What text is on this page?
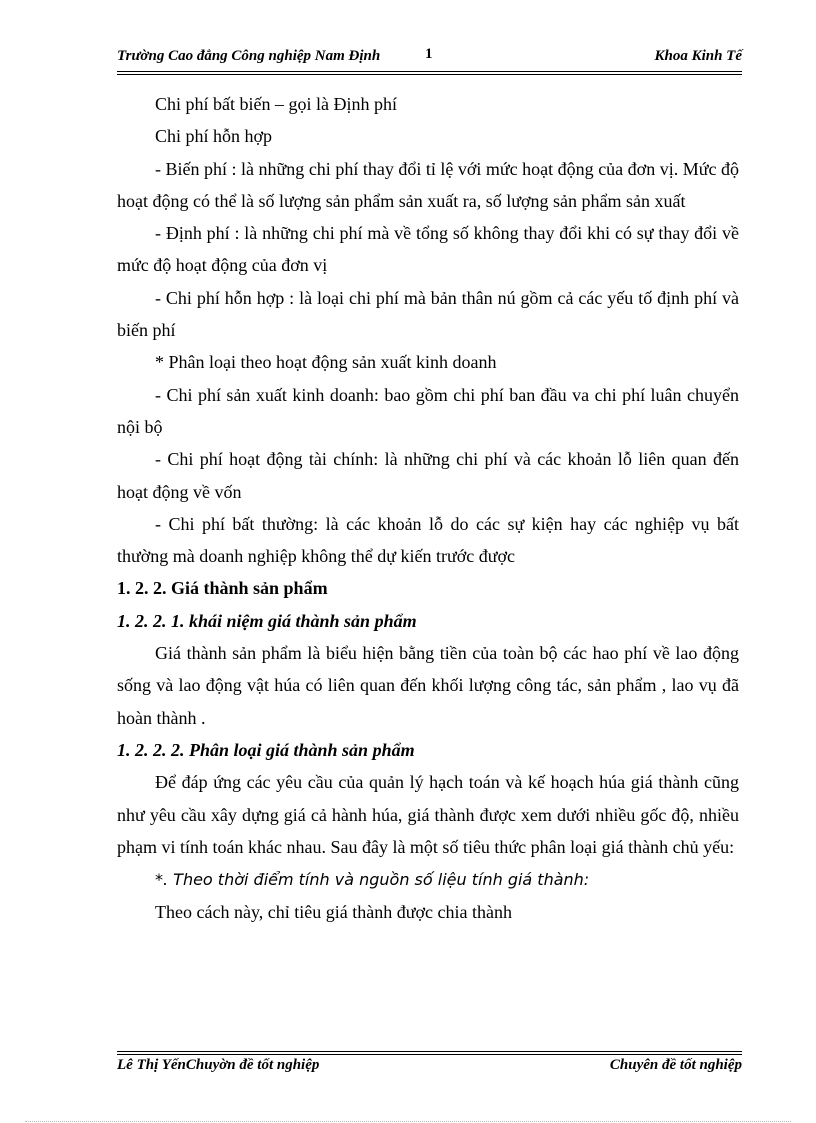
Trường Cao đẳng Công nghiệp Nam Định	1	Khoa Kinh Tế

Chi phí bất biến – gọi là Định phí

Chi phí hỗn hợp

- Biến phí : là những chi phí thay đổi tỉ lệ với mức hoạt động của đơn vị. Mức độ hoạt động có thể là số lượng sản phẩm sản xuất ra, số lượng sản phẩm sản xuất

- Định phí : là những chi phí mà về tổng số không thay đổi khi có sự thay đổi về mức độ hoạt động của đơn vị

- Chi phí hỗn hợp : là loại chi phí mà bản thân nú gồm cả các yếu tố định phí và biến phí

* Phân loại theo hoạt động sản xuất kinh doanh

- Chi phí sản xuất kinh doanh: bao gồm chi phí ban đầu va chi phí luân chuyển nội bộ

- Chi phí hoạt động tài chính: là những chi phí và các khoản lỗ liên quan đến hoạt động về vốn

- Chi phí bất thường: là các khoản lỗ do các sự kiện hay các nghiệp vụ bất thường mà doanh nghiệp không thể dự kiến trước được

1. 2. 2. Giá thành sản phẩm

1. 2. 2. 1. khái niệm giá thành sản phẩm

Giá thành sản phẩm là biểu hiện bằng tiền của toàn bộ các hao phí về lao động sống và lao động vật húa có liên quan đến khối lượng công tác, sản phẩm , lao vụ đã hoàn thành .

1. 2. 2. 2. Phân loại giá thành sản phẩm

Để đáp ứng các yêu cầu của quản lý hạch toán và kế hoạch húa giá thành cũng như yêu cầu xây dựng giá cả hành húa, giá thành được xem dưới nhiều gốc độ, nhiều phạm vi tính toán khác nhau. Sau đây là một số tiêu thức phân loại giá thành chủ yếu:

*. Theo thời điểm tính và nguồn số liệu tính giá thành:

Theo cách này, chỉ tiêu giá thành được chia thành

Lê Thị YếnChuyờn đề tốt nghiệp	Chuyên đề tốt nghiệp
